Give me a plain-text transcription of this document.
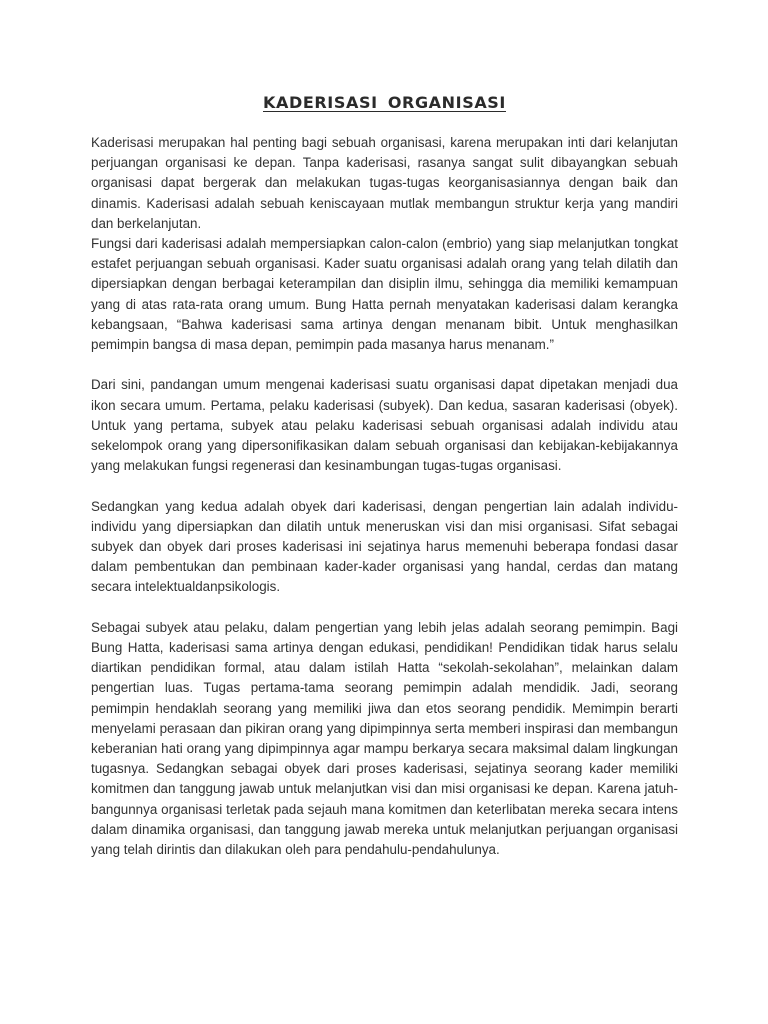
KADERISASI ORGANISASI

Kaderisasi merupakan hal penting bagi sebuah organisasi, karena merupakan inti dari kelanjutan perjuangan organisasi ke depan. Tanpa kaderisasi, rasanya sangat sulit dibayangkan sebuah organisasi dapat bergerak dan melakukan tugas-tugas keorganisasiannya dengan baik dan dinamis. Kaderisasi adalah sebuah keniscayaan mutlak membangun struktur kerja yang mandiri dan berkelanjutan.

Fungsi dari kaderisasi adalah mempersiapkan calon-calon (embrio) yang siap melanjutkan tongkat estafet perjuangan sebuah organisasi. Kader suatu organisasi adalah orang yang telah dilatih dan dipersiapkan dengan berbagai keterampilan dan disiplin ilmu, sehingga dia memiliki kemampuan yang di atas rata-rata orang umum. Bung Hatta pernah menyatakan kaderisasi dalam kerangka kebangsaan, “Bahwa kaderisasi sama artinya dengan menanam bibit. Untuk menghasilkan pemimpin bangsa di masa depan, pemimpin pada masanya harus menanam.”

Dari sini, pandangan umum mengenai kaderisasi suatu organisasi dapat dipetakan menjadi dua ikon secara umum. Pertama, pelaku kaderisasi (subyek). Dan kedua, sasaran kaderisasi (obyek). Untuk yang pertama, subyek atau pelaku kaderisasi sebuah organisasi adalah individu atau sekelompok orang yang dipersonifikasikan dalam sebuah organisasi dan kebijakan-kebijakannya yang melakukan fungsi regenerasi dan kesinambungan tugas-tugas organisasi.

Sedangkan yang kedua adalah obyek dari kaderisasi, dengan pengertian lain adalah individu-individu yang dipersiapkan dan dilatih untuk meneruskan visi dan misi organisasi. Sifat sebagai subyek dan obyek dari proses kaderisasi ini sejatinya harus memenuhi beberapa fondasi dasar dalam pembentukan dan pembinaan kader-kader organisasi yang handal, cerdas dan matang secara intelektualdanpsikologis.

Sebagai subyek atau pelaku, dalam pengertian yang lebih jelas adalah seorang pemimpin. Bagi Bung Hatta, kaderisasi sama artinya dengan edukasi, pendidikan! Pendidikan tidak harus selalu diartikan pendidikan formal, atau dalam istilah Hatta “sekolah-sekolahan”, melainkan dalam pengertian luas. Tugas pertama-tama seorang pemimpin adalah mendidik. Jadi, seorang pemimpin hendaklah seorang yang memiliki jiwa dan etos seorang pendidik. Memimpin berarti menyelami perasaan dan pikiran orang yang dipimpinnya serta memberi inspirasi dan membangun keberanian hati orang yang dipimpinnya agar mampu berkarya secara maksimal dalam lingkungan tugasnya. Sedangkan sebagai obyek dari proses kaderisasi, sejatinya seorang kader memiliki komitmen dan tanggung jawab untuk melanjutkan visi dan misi organisasi ke depan. Karena jatuh-bangunnya organisasi terletak pada sejauh mana komitmen dan keterlibatan mereka secara intens dalam dinamika organisasi, dan tanggung jawab mereka untuk melanjutkan perjuangan organisasi yang telah dirintis dan dilakukan oleh para pendahulu-pendahulunya.
